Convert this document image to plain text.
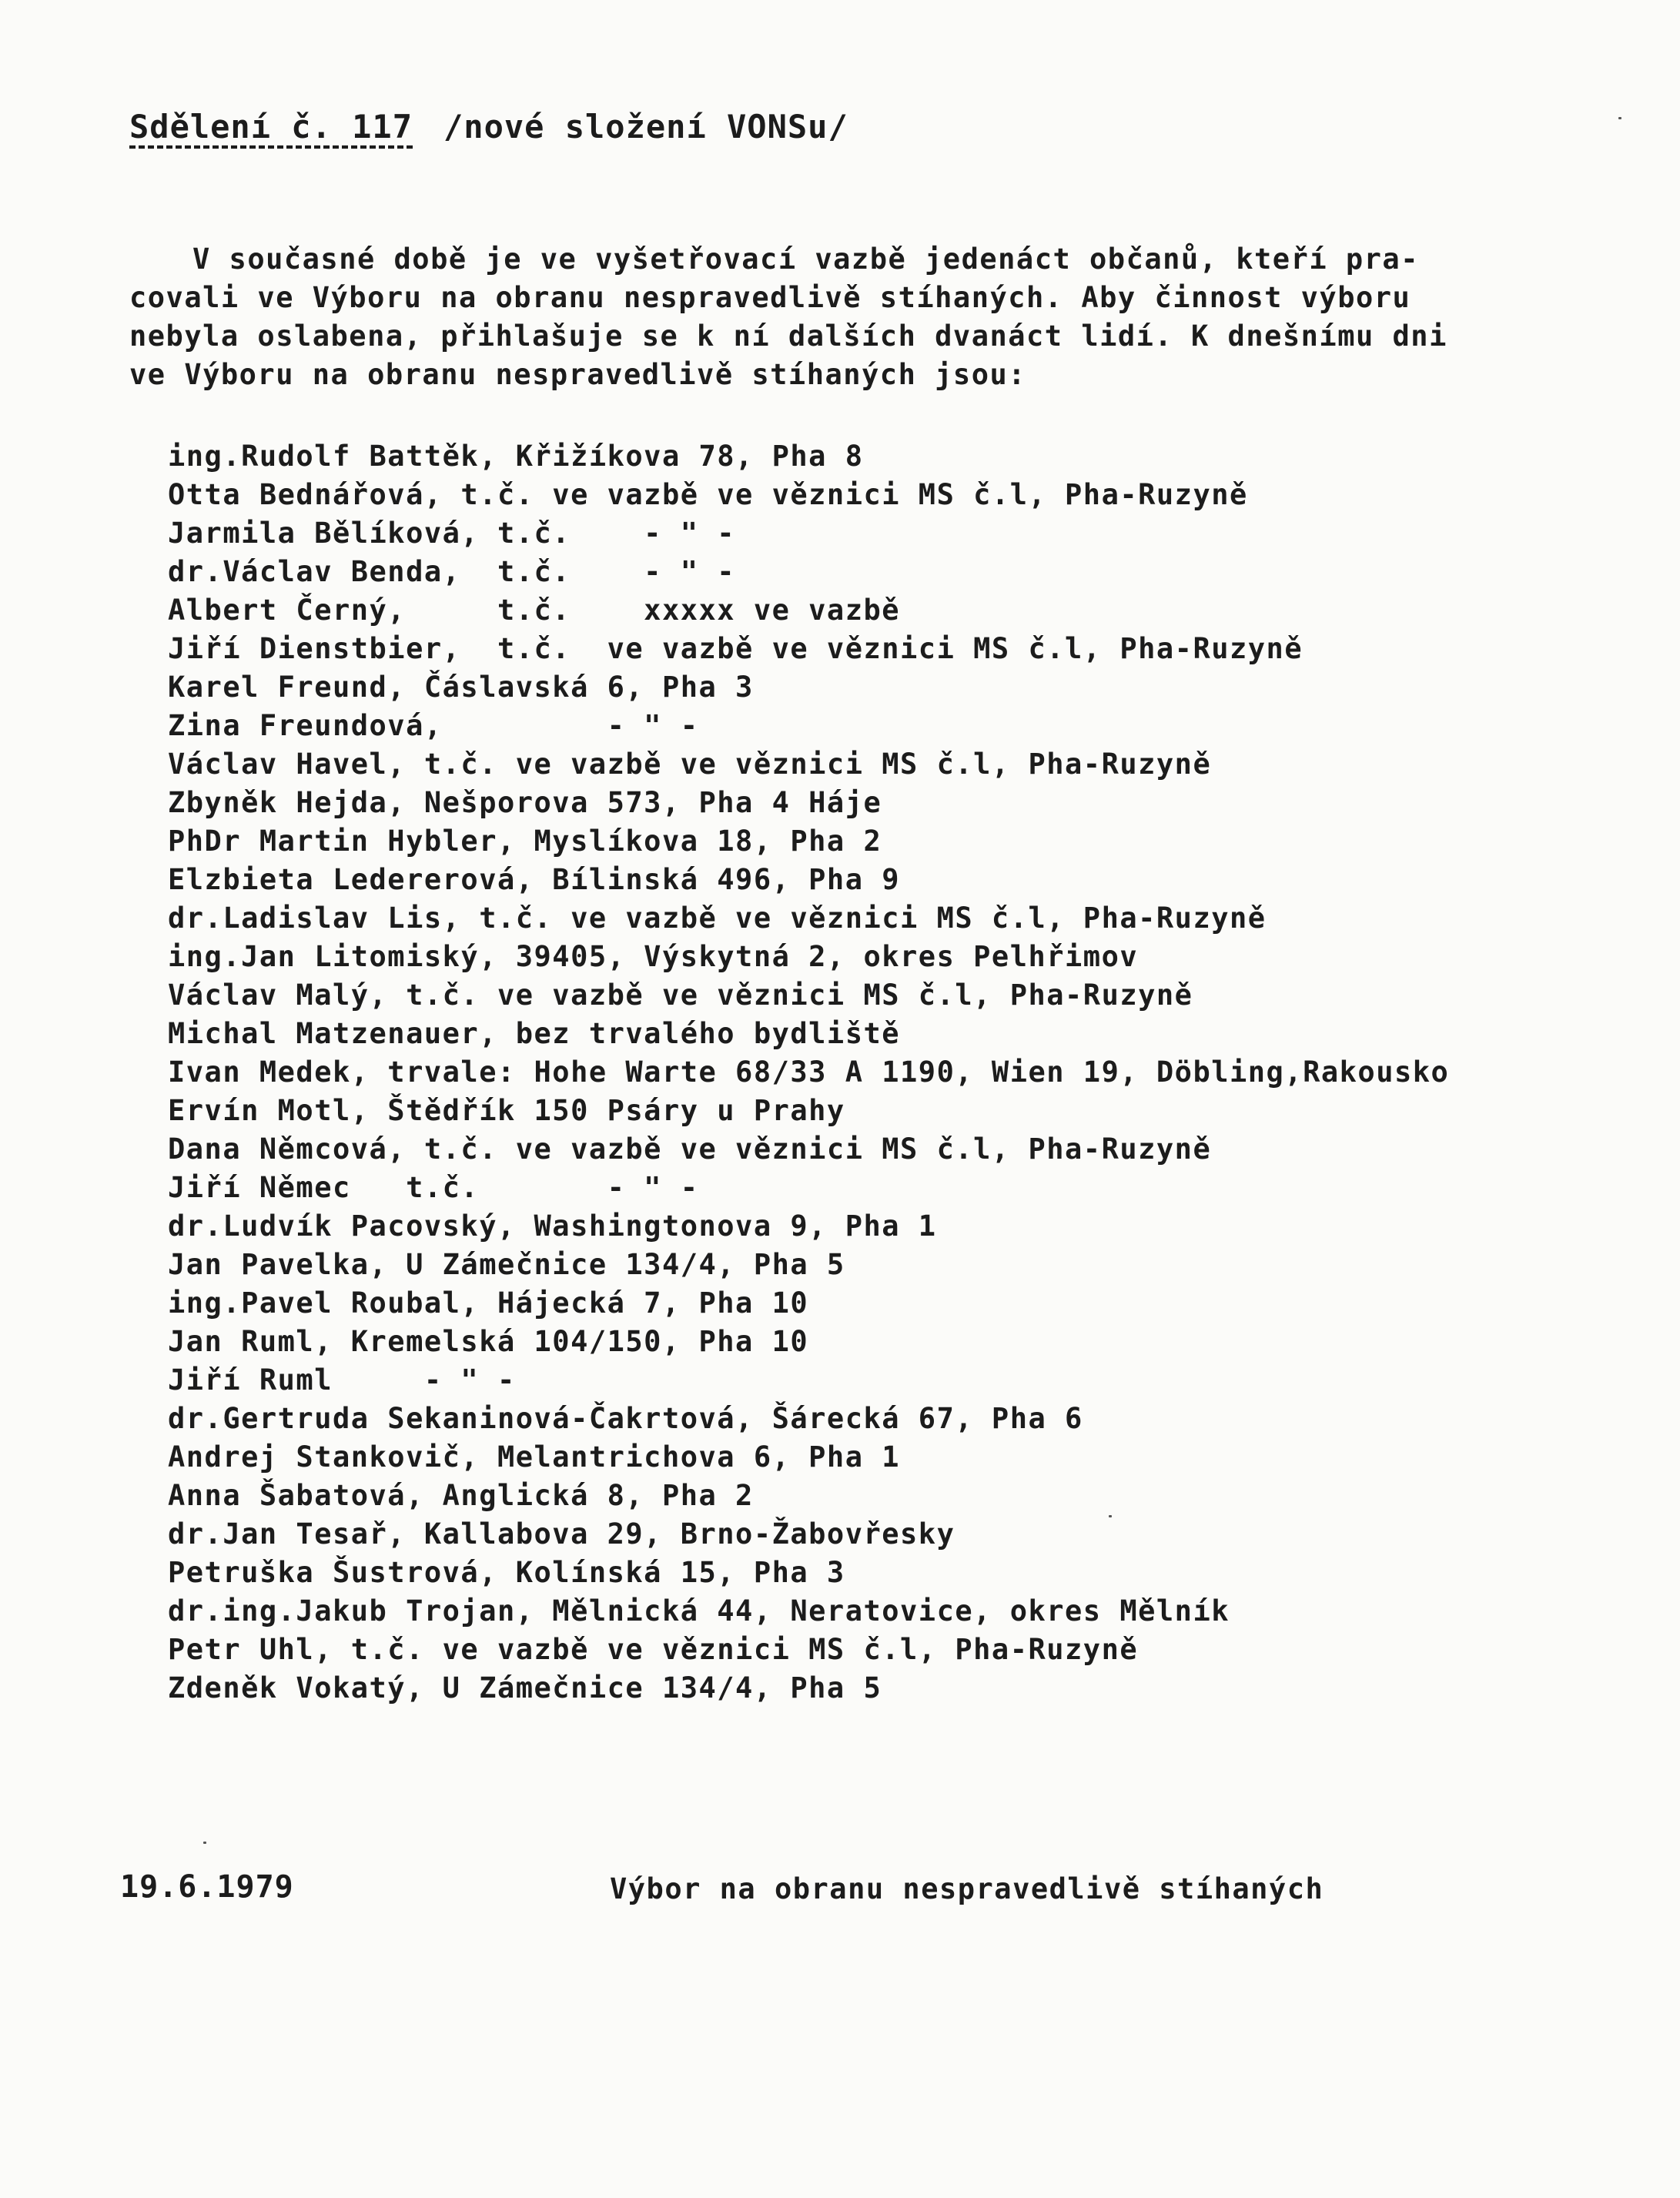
Sdělení č. 117 /nové složení VONSu/
V současné době je ve vyšetřovací vazbě jedenáct občanů, kteří pra-
covali ve Výboru na obranu nespravedlivě stíhaných. Aby činnost výboru
nebyla oslabena, přihlašuje se k ní dalších dvanáct lidí. K dnešnímu dni
ve Výboru na obranu nespravedlivě stíhaných jsou:
ing.Rudolf Battěk, Křižíkova 78, Pha 8
Otta Bednářová, t.č. ve vazbě ve věznici MS č.l, Pha-Ruzyně
Jarmila Bělíková, t.č.    - " -
dr.Václav Benda,  t.č.    - " -
Albert Černý,     t.č.    xxxxx ve vazbě
Jiří Dienstbier,  t.č.  ve vazbě ve věznici MS č.l, Pha-Ruzyně
Karel Freund, Čáslavská 6, Pha 3
Zina Freundová,         - " -
Václav Havel, t.č. ve vazbě ve věznici MS č.l, Pha-Ruzyně
Zbyněk Hejda, Nešporova 573, Pha 4 Háje
PhDr Martin Hybler, Myslíkova 18, Pha 2
Elzbieta Ledererová, Bílinská 496, Pha 9
dr.Ladislav Lis, t.č. ve vazbě ve věznici MS č.l, Pha-Ruzyně
ing.Jan Litomiský, 39405, Výskytná 2, okres Pelhřimov
Václav Malý, t.č. ve vazbě ve věznici MS č.l, Pha-Ruzyně
Michal Matzenauer, bez trvalého bydliště
Ivan Medek, trvale: Hohe Warte 68/33 A 1190, Wien 19, Döbling,Rakousko
Ervín Motl, Štědřík 150 Psáry u Prahy
Dana Němcová, t.č. ve vazbě ve věznici MS č.l, Pha-Ruzyně
Jiří Němec   t.č.       - " -
dr.Ludvík Pacovský, Washingtonova 9, Pha 1
Jan Pavelka, U Zámečnice 134/4, Pha 5
ing.Pavel Roubal, Hájecká 7, Pha 10
Jan Ruml, Kremelská 104/150, Pha 10
Jiří Ruml     - " -
dr.Gertruda Sekaninová-Čakrtová, Šárecká 67, Pha 6
Andrej Stankovič, Melantrichova 6, Pha 1
Anna Šabatová, Anglická 8, Pha 2
dr.Jan Tesař, Kallabova 29, Brno-Žabovřesky
Petruška Šustrová, Kolínská 15, Pha 3
dr.ing.Jakub Trojan, Mělnická 44, Neratovice, okres Mělník
Petr Uhl, t.č. ve vazbě ve věznici MS č.l, Pha-Ruzyně
Zdeněk Vokatý, U Zámečnice 134/4, Pha 5
19.6.1979	Výbor na obranu nespravedlivě stíhaných
